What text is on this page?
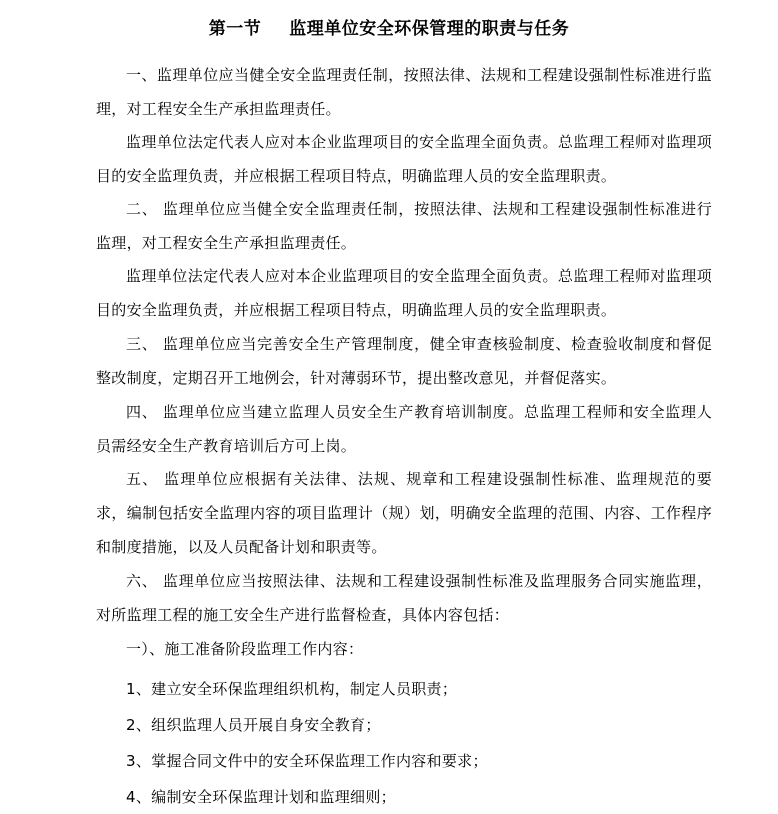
第一节 监理单位安全环保管理的职责与任务

一、监理单位应当健全安全监理责任制，按照法律、法规和工程建设强制性标准进行监理，对工程安全生产承担监理责任。

监理单位法定代表人应对本企业监理项目的安全监理全面负责。总监理工程师对监理项目的安全监理负责，并应根据工程项目特点，明确监理人员的安全监理职责。

二、 监理单位应当健全安全监理责任制，按照法律、法规和工程建设强制性标准进行监理，对工程安全生产承担监理责任。

监理单位法定代表人应对本企业监理项目的安全监理全面负责。总监理工程师对监理项目的安全监理负责，并应根据工程项目特点，明确监理人员的安全监理职责。

三、 监理单位应当完善安全生产管理制度，健全审查核验制度、检查验收制度和督促整改制度，定期召开工地例会，针对薄弱环节，提出整改意见，并督促落实。

四、 监理单位应当建立监理人员安全生产教育培训制度。总监理工程师和安全监理人员需经安全生产教育培训后方可上岗。

五、 监理单位应根据有关法律、法规、规章和工程建设强制性标准、监理规范的要求，编制包括安全监理内容的项目监理计（规）划，明确安全监理的范围、内容、工作程序和制度措施，以及人员配备计划和职责等。

六、 监理单位应当按照法律、法规和工程建设强制性标准及监理服务合同实施监理，对所监理工程的施工安全生产进行监督检查，具体内容包括：

一）、施工准备阶段监理工作内容：

1、建立安全环保监理组织机构，制定人员职责；

2、组织监理人员开展自身安全教育；

3、掌握合同文件中的安全环保监理工作内容和要求；

4、编制安全环保监理计划和监理细则；
